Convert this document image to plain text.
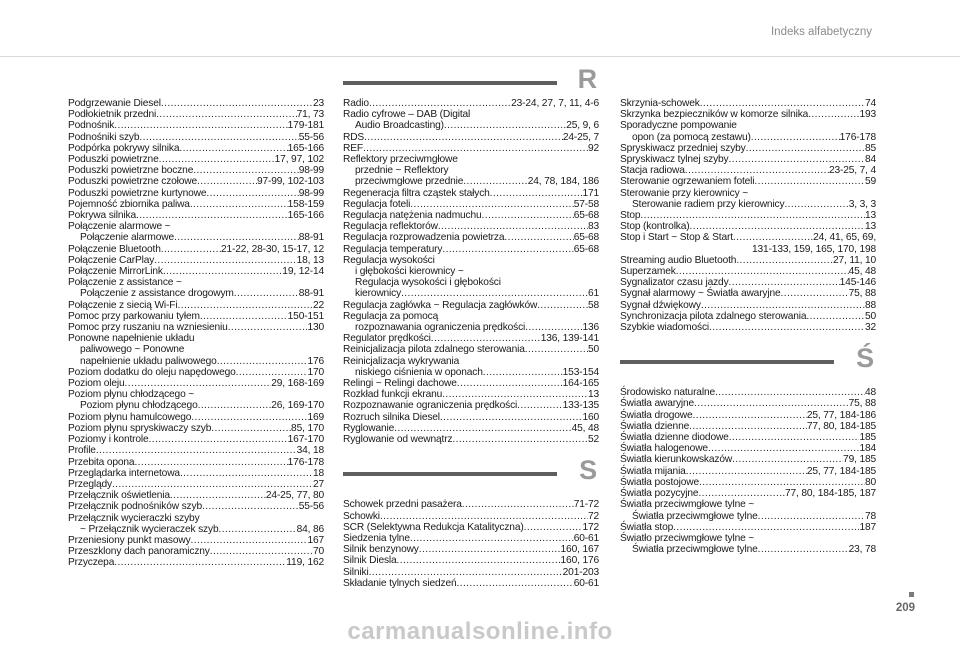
Indeks alfabetyczny
Podgrzewanie Diesel .....	23
Podłokietnik przedni .....	71, 73
Podnośnik .....	179-181
Podnośniki szyb .....	55-56
Podpórka pokrywy silnika .....	165-166
Poduszki powietrzne .....	17, 97, 102
Poduszki powietrzne boczne .....	98-99
Poduszki powietrzne czołowe .....	97-99, 102-103
Poduszki powietrzne kurtynowe .....	98-99
Pojemność zbiornika paliwa .....	158-159
Pokrywa silnika .....	165-166
Połączenie alarmowe ~
Połączenie alarmowe .....	88-91
Połączenie Bluetooth .....	21-22, 28-30, 15-17, 12
Połączenie CarPlay .....	18, 13
Połączenie MirrorLink .....	19, 12-14
Połączenie z assistance ~
Połączenie z assistance drogowym .....	88-91
Połączenie z siecią Wi-Fi .....	22
Pomoc przy parkowaniu tyłem .....	150-151
Pomoc przy ruszaniu na wzniesieniu .....	130
Ponowne napełnienie układu
paliwowego ~ Ponowne
napełnienie układu paliwowego .....	176
Poziom dodatku do oleju napędowego .....	170
Poziom oleju .....	29, 168-169
Poziom płynu chłodzącego ~
Poziom płynu chłodzącego .....	26, 169-170
Poziom płynu hamulcowego .....	169
Poziom płynu spryskiwaczy szyb .....	85, 170
Poziomy i kontrole .....	167-170
Profile .....	34, 18
Przebita opona .....	176-178
Przeglądarka internetowa .....	18
Przeglądy .....	27
Przełącznik oświetlenia .....	24-25, 77, 80
Przełącznik podnośników szyb .....	55-56
Przełącznik wycieraczki szyby
~ Przełącznik wycieraczek szyb .....	84, 86
Przeniesiony punkt masowy .....	167
Przeszklony dach panoramiczny .....	70
Przyczepa .....	119, 162
R
Radio .....	23-24, 27, 7, 11, 4-6
Radio cyfrowe – DAB (Digital
Audio Broadcasting) .....	25, 9, 6
RDS .....	24-25, 7
REF .....	92
Reflektory przeciwmgłowe
przednie ~ Reflektory
przeciwmgłowe przednie .....	24, 78, 184, 186
Regeneracja filtra cząstek stałych .....	171
Regulacja foteli .....	57-58
Regulacja natężenia nadmuchu .....	65-68
Regulacja reflektorów .....	83
Regulacja rozprowadzenia powietrza .....	65-68
Regulacja temperatury .....	65-68
Regulacja wysokości
i głębokości kierownicy ~
Regulacja wysokości i głębokości
kierownicy .....	61
Regulacja zagłówka ~ Regulacja zagłówków .....	58
Regulacja za pomocą
rozpoznawania ograniczenia prędkości .....	136
Regulator prędkości .....	136, 139-141
Reinicjalizacja pilota zdalnego sterowania .....	50
Reinicjalizacja wykrywania
niskiego ciśnienia w oponach .....	153-154
Relingi ~ Relingi dachowe .....	164-165
Rozkład funkcji ekranu .....	13
Rozpoznawanie ograniczenia prędkości .....	133-135
Rozruch silnika Diesel .....	160
Ryglowanie .....	45, 48
Ryglowanie od wewnątrz .....	52
S
Schowek przedni pasażera .....	71-72
Schowki .....	72
SCR (Selektywna Redukcja Katalityczna) .....	172
Siedzenia tylne .....	60-61
Silnik benzynowy .....	160, 167
Silnik Diesla .....	160, 176
Silniki .....	201-203
Składanie tylnych siedzeń .....	60-61
Skrzynia-schowek .....	74
Skrzynka bezpieczników w komorze silnika .....	193
Sporadyczne pompowanie
opon (za pomocą zestawu) .....	176-178
Spryskiwacz przedniej szyby .....	85
Spryskiwacz tylnej szyby .....	84
Stacja radiowa .....	23-25, 7, 4
Sterowanie ogrzewaniem foteli .....	59
Sterowanie przy kierownicy ~
Sterowanie radiem przy kierownicy .....	3, 3, 3
Stop .....	13
Stop (kontrolka) .....	13
Stop i Start ~ Stop & Start .....	24, 41, 65, 69,
131-133, 159, 165, 170, 198
Streaming audio Bluetooth .....	27, 11, 10
Superzamek .....	45, 48
Sygnalizator czasu jazdy .....	145-146
Sygnał alarmowy ~ Światła awaryjne .....	75, 88
Sygnał dźwiękowy .....	88
Synchronizacja pilota zdalnego sterowania .....	50
Szybkie wiadomości .....	32
Ś
Środowisko naturalne .....	48
Światła awaryjne .....	75, 88
Światła drogowe .....	25, 77, 184-186
Światła dzienne .....	77, 80, 184-185
Światła dzienne diodowe .....	185
Światła halogenowe .....	184
Światła kierunkowskazów .....	79, 185
Światła mijania .....	25, 77, 184-185
Światła postojowe .....	80
Światła pozycyjne .....	77, 80, 184-185, 187
Światła przeciwmgłowe tylne ~
Światła przeciwmgłowe tylne .....	78
Światła stop .....	187
Światło przeciwmgłowe tylne ~
Światła przeciwmgłowe tylne .....	23, 78
209
carmanualsonline.info
